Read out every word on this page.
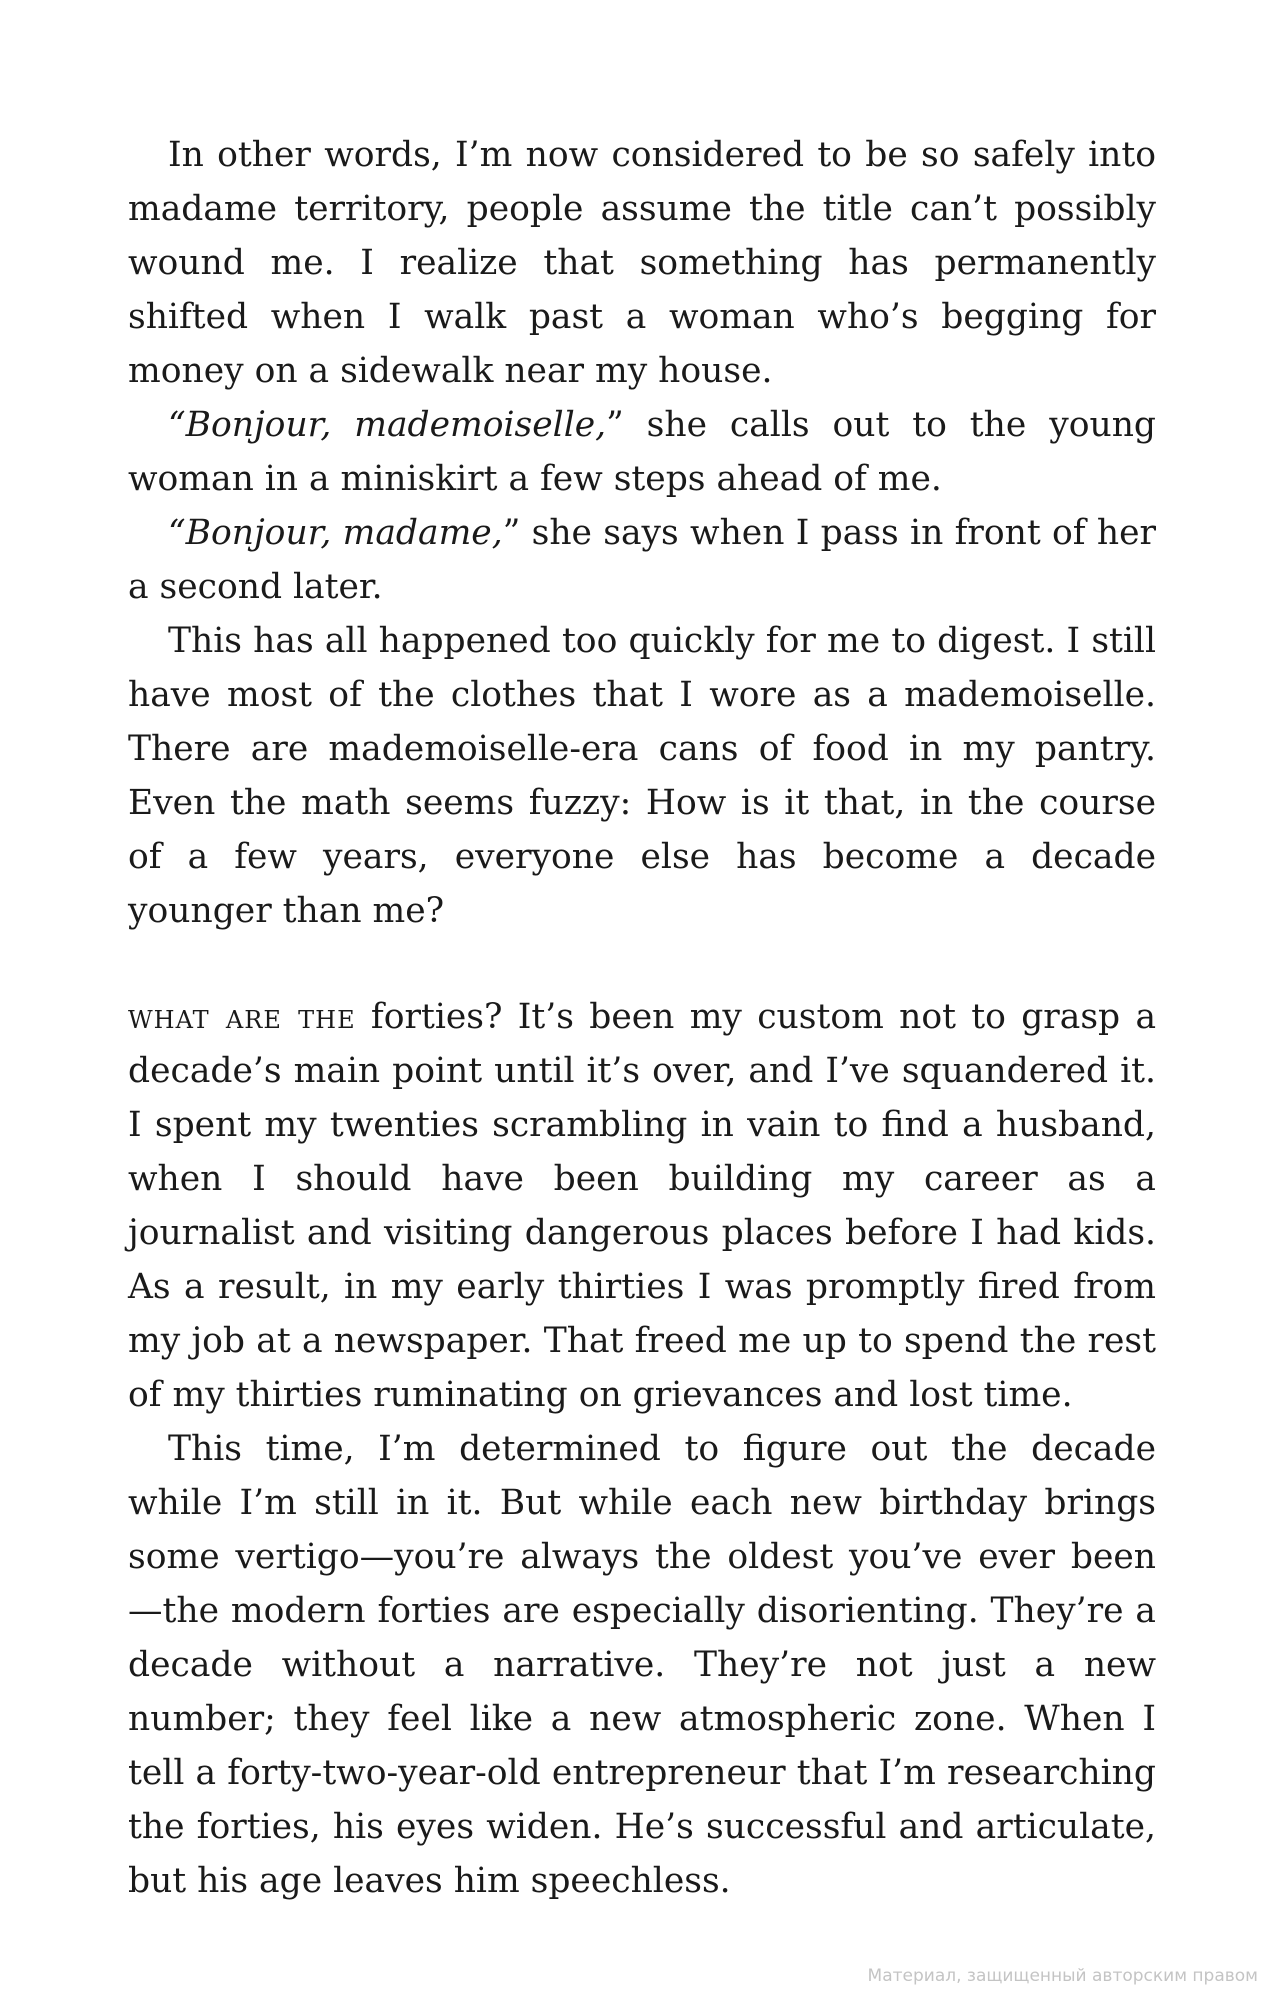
In other words, I’m now considered to be so safely into madame territory, people assume the title can’t possibly wound me. I realize that something has permanently shifted when I walk past a woman who’s begging for money on a sidewalk near my house.

“Bonjour, mademoiselle,” she calls out to the young woman in a miniskirt a few steps ahead of me.

“Bonjour, madame,” she says when I pass in front of her a second later.

This has all happened too quickly for me to digest. I still have most of the clothes that I wore as a mademoiselle. There are mademoiselle-era cans of food in my pantry. Even the math seems fuzzy: How is it that, in the course of a few years, everyone else has become a decade younger than me?

what are the forties? It’s been my custom not to grasp a decade’s main point until it’s over, and I’ve squandered it. I spent my twenties scrambling in vain to find a husband, when I should have been building my career as a journalist and visiting dangerous places before I had kids. As a result, in my early thirties I was promptly fired from my job at a newspaper. That freed me up to spend the rest of my thirties ruminating on grievances and lost time.

This time, I’m determined to figure out the decade while I’m still in it. But while each new birthday brings some vertigo—you’re always the oldest you’ve ever been—the modern forties are especially disorienting. They’re a decade without a narrative. They’re not just a new number; they feel like a new atmospheric zone. When I tell a forty-two-year-old entrepreneur that I’m researching the forties, his eyes widen. He’s successful and articulate, but his age leaves him speechless.

Материал, защищенный авторским правом
